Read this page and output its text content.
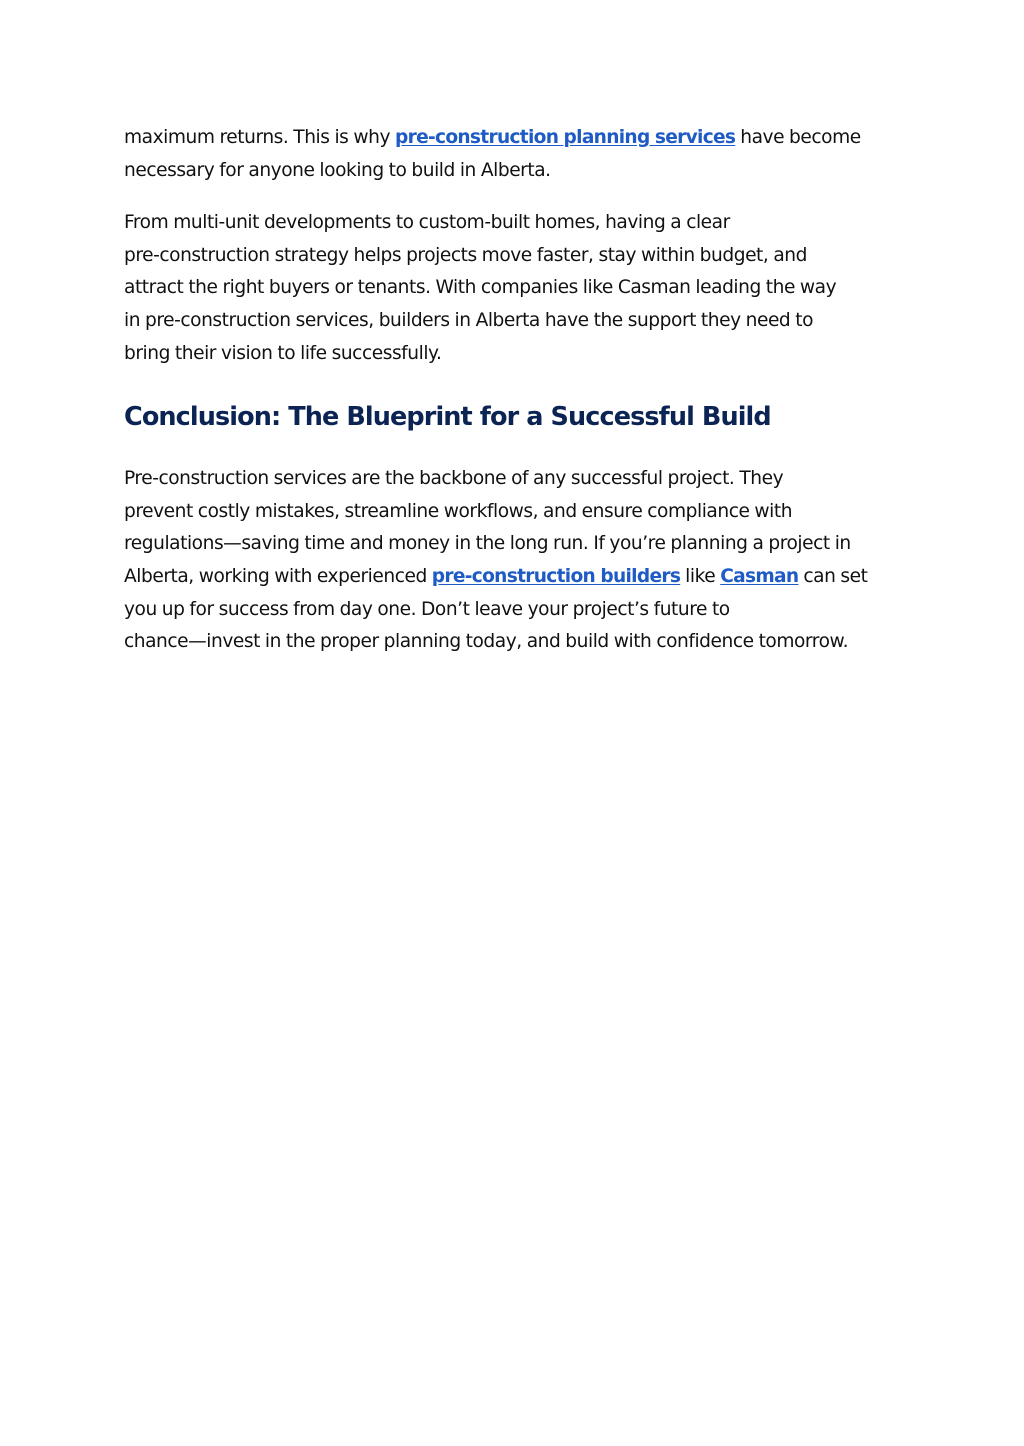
maximum returns. This is why pre-construction planning services have become
necessary for anyone looking to build in Alberta.

From multi-unit developments to custom-built homes, having a clear
pre-construction strategy helps projects move faster, stay within budget, and
attract the right buyers or tenants. With companies like Casman leading the way
in pre-construction services, builders in Alberta have the support they need to
bring their vision to life successfully.

Conclusion: The Blueprint for a Successful Build

Pre-construction services are the backbone of any successful project. They
prevent costly mistakes, streamline workflows, and ensure compliance with
regulations—saving time and money in the long run. If you’re planning a project in
Alberta, working with experienced pre-construction builders like Casman can set
you up for success from day one. Don’t leave your project’s future to
chance—invest in the proper planning today, and build with confidence tomorrow.
